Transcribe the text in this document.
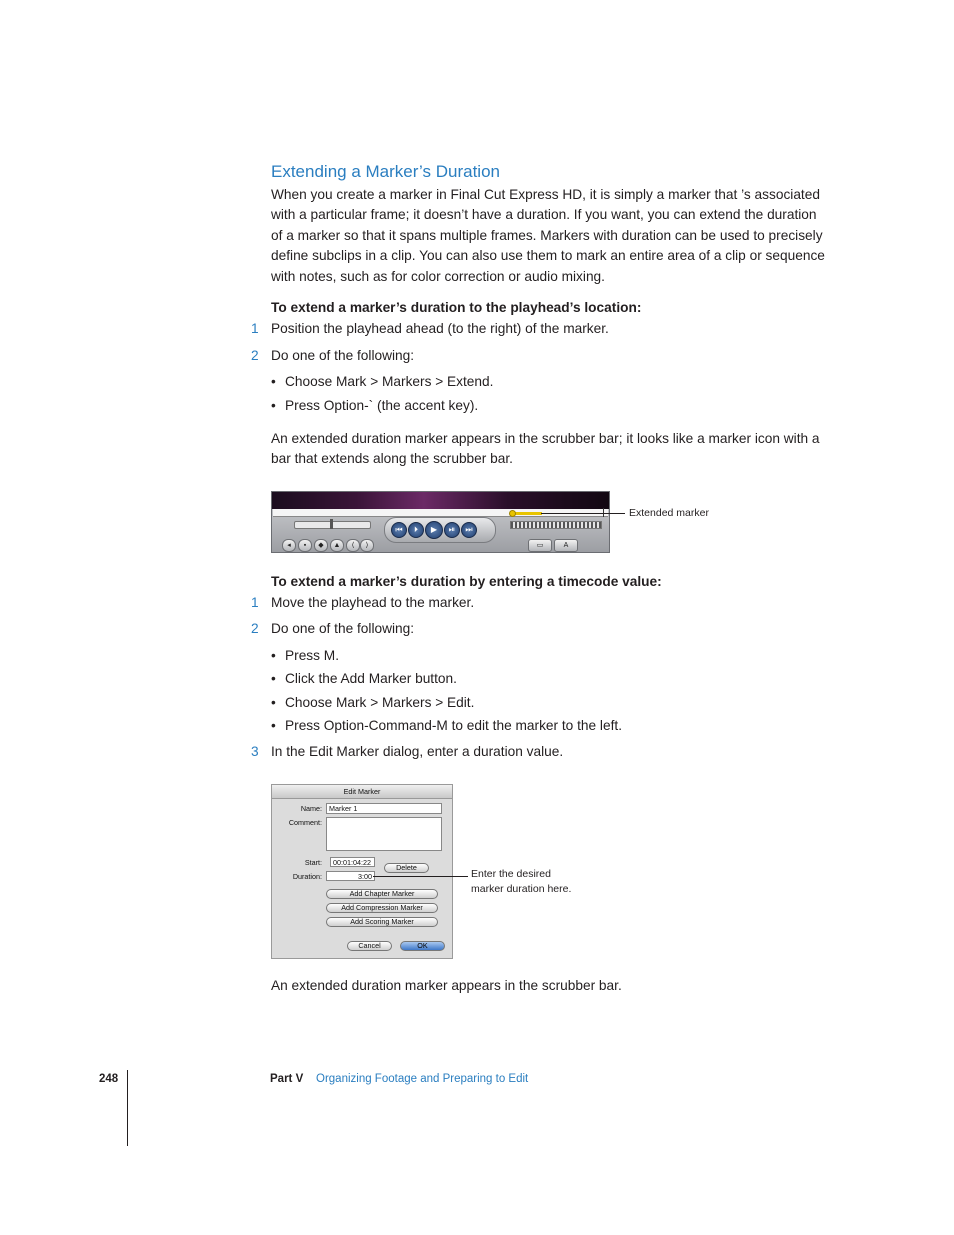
Extending a Marker’s Duration
When you create a marker in Final Cut Express HD, it is simply a marker that ’s associated with a particular frame; it doesn’t have a duration. If you want, you can extend the duration of a marker so that it spans multiple frames. Markers with duration can be used to precisely define subclips in a clip. You can also use them to mark an entire area of a clip or sequence with notes, such as for color correction or audio mixing.
To extend a marker’s duration to the playhead’s location:
1 Position the playhead ahead (to the right) of the marker.
2 Do one of the following:
• Choose Mark > Markers > Extend.
• Press Option-` (the accent key).
An extended duration marker appears in the scrubber bar; it looks like a marker icon with a bar that extends along the scrubber bar.
⏮	⏵	▶	⏯	⏭
◂	▪	◆	▲	⟨	⟩	▭	A
Extended marker
To extend a marker’s duration by entering a timecode value:
1 Move the playhead to the marker.
2 Do one of the following:
• Press M.
• Click the Add Marker button.
• Choose Mark > Markers > Edit.
• Press Option-Command-M to edit the marker to the left.
3 In the Edit Marker dialog, enter a duration value.
Edit Marker
Name: Marker 1
Comment:
Start:	00:01:04:22
Delete
Duration:	3:00
Add Chapter Marker
Add Compression Marker
Add Scoring Marker
Cancel	OK
Enter the desired
marker duration here.
An extended duration marker appears in the scrubber bar.
248	Part V Organizing Footage and Preparing to Edit
